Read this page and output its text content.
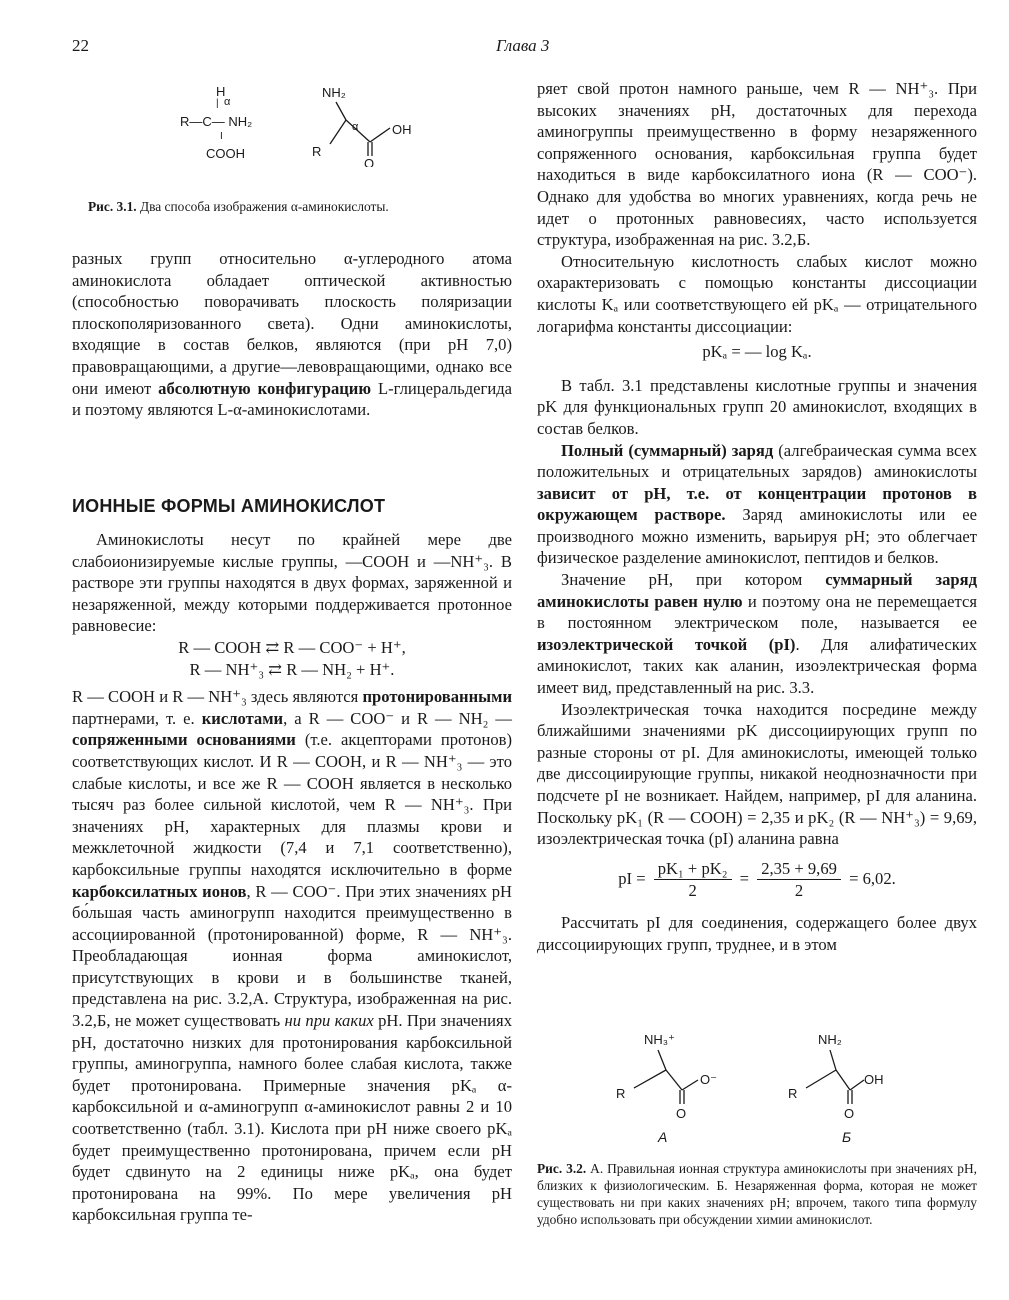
22	Глава 3
H
α
|
R—C— NH₂
I
COOH
NH₂
α	OH
R
O
Рис. 3.1. Два способа изображения α-аминокислоты.

разных групп относительно α-углеродного атома аминокислота обладает оптической активностью (способностью поворачивать плоскость поляризации плоскополяризованного света). Одни аминокислоты, входящие в состав белков, являются (при pH 7,0) правовращающими, а другие—левовращающими, однако все они имеют абсолютную конфигурацию L-глицеральдегида и поэтому являются L-α-аминокислотами.

ИОННЫЕ ФОРМЫ АМИНОКИСЛОТ

Аминокислоты несут по крайней мере две слабоионизируемые кислые группы, —COOH и —NH⁺₃. В растворе эти группы находятся в двух формах, заряженной и незаряженной, между которыми поддерживается протонное равновесие:

R — COOH ⇄ R — COO⁻ + H⁺,

R — NH⁺₃ ⇄ R — NH₂ + H⁺.

R — COOH и R — NH⁺₃ здесь являются протонированными партнерами, т. е. кислотами, а R — COO⁻ и R — NH₂ — сопряженными основаниями (т.е. акцепторами протонов) соответствующих кислот. И R — COOH, и R — NH⁺₃ — это слабые кислоты, и все же R — COOH является в несколько тысяч раз более сильной кислотой, чем R — NH⁺₃. При значениях pH, характерных для плазмы крови и межклеточной жидкости (7,4 и 7,1 соответственно), карбоксильные группы находятся исключительно в форме карбоксилатных ионов, R — COO⁻. При этих значениях pH бо́льшая часть аминогрупп находится преимущественно в ассоциированной (протонированной) форме, R — NH⁺₃. Преобладающая ионная форма аминокислот, присутствующих в крови и в большинстве тканей, представлена на рис. 3.2,А. Структура, изображенная на рис. 3.2,Б, не может существовать ни при каких pH. При значениях pH, достаточно низких для протонирования карбоксильной группы, аминогруппа, намного более слабая кислота, также будет протонирована. Примерные значения pKₐ α-карбоксильной и α-аминогрупп α-аминокислот равны 2 и 10 соответственно (табл. 3.1). Кислота при pH ниже своего pKₐ будет преимущественно протонирована, причем если pH будет сдвинуто на 2 единицы ниже pKₐ, она будет протонирована на 99%. По мере увеличения pH карбоксильная группа те-

ряет свой протон намного раньше, чем R — NH⁺₃. При высоких значениях pH, достаточных для перехода аминогруппы преимущественно в форму незаряженного сопряженного основания, карбоксильная группа будет находиться в виде карбоксилатного иона (R — COO⁻). Однако для удобства во многих уравнениях, когда речь не идет о протонных равновесиях, часто используется структура, изображенная на рис. 3.2,Б.

Относительную кислотность слабых кислот можно охарактеризовать с помощью константы диссоциации кислоты Kₐ или соответствующего ей pKₐ — отрицательного логарифма константы диссоциации:

pKₐ = — log Kₐ.

В табл. 3.1 представлены кислотные группы и значения pK для функциональных групп 20 аминокислот, входящих в состав белков.

Полный (суммарный) заряд (алгебраическая сумма всех положительных и отрицательных зарядов) аминокислоты зависит от pH, т.е. от концентрации протонов в окружающем растворе. Заряд аминокислоты или ее производного можно изменить, варьируя pH; это облегчает физическое разделение аминокислот, пептидов и белков.

Значение pH, при котором суммарный заряд аминокислоты равен нулю и поэтому она не перемещается в постоянном электрическом поле, называется ее изоэлектрической точкой (pI). Для алифатических аминокислот, таких как аланин, изоэлектрическая форма имеет вид, представленный на рис. 3.3.

Изоэлектрическая точка находится посредине между ближайшими значениями pK диссоциирующих групп по разные стороны от pI. Для аминокислоты, имеющей только две диссоциирующие группы, никакой неоднозначности при подсчете pI не возникает. Найдем, например, pI для аланина. Поскольку pK₁ (R — COOH) = 2,35 и pK₂ (R — NH⁺₃) = 9,69, изоэлектрическая точка (pI) аланина равна

pI = $\frac{\text{pK₁ + pK₂}}{2} = \frac{2,35 + 9,69}{2} = 6,02$.

Рассчитать pI для соединения, содержащего более двух диссоциирующих групп, труднее, и в этом

NH₃⁺
O⁻
R
O
А
NH₂
OH
R
O
Б
Рис. 3.2. А. Правильная ионная структура аминокислоты при значениях pH, близких к физиологическим. Б. Незаряженная форма, которая не может существовать ни при каких значениях pH; впрочем, такого типа формулу удобно использовать при обсуждении химии аминокислот.
